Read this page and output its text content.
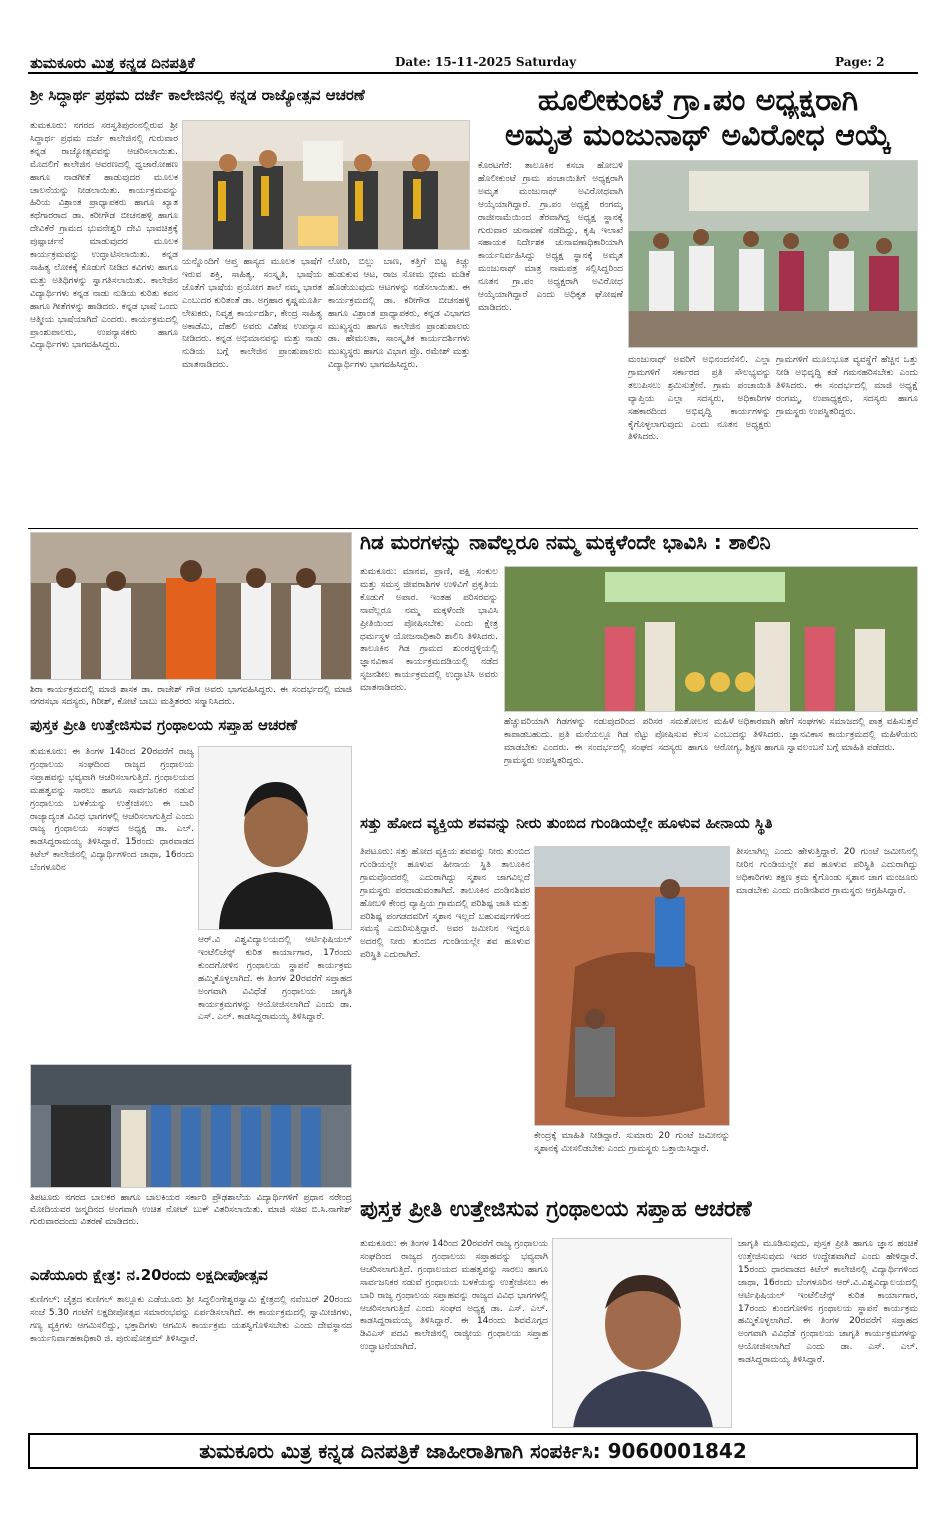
ತುಮಕೂರು ಮಿತ್ರ ಕನ್ನಡ ದಿನಪತ್ರಿಕೆ	Date: 15-11-2025 Saturday	Page: 2
ಶ್ರೀ ಸಿದ್ಧಾರ್ಥ ಪ್ರಥಮ ದರ್ಜೆ ಕಾಲೇಜಿನಲ್ಲಿ ಕನ್ನಡ ರಾಜ್ಯೋತ್ಸವ ಆಚರಣೆ
ತುಮಕೂರು: ನಗರದ ಸರಸ್ವತಿಪುರಂನಲ್ಲಿರುವ ಶ್ರೀ ಸಿದ್ಧಾರ್ಥ ಪ್ರಥಮ ದರ್ಜೆ ಕಾಲೇಜಿನಲ್ಲಿ ಗುರುವಾರ ಕನ್ನಡ ರಾಜ್ಯೋತ್ಸವವನ್ನು ಆಚರಿಸಲಾಯಿತು. ಮೊದಲಿಗೆ ಕಾಲೇಜಿನ ಆವರಣದಲ್ಲಿ ಧ್ವಜಾರೋಹಣ ಹಾಗೂ ನಾಡಗೀತೆ ಹಾಡುವುದರ ಮೂಲಕ ಚಾಲನೆಯನ್ನು ನೀಡಲಾಯಿತು. ಕಾರ್ಯಕ್ರಮವನ್ನು ಹಿರಿಯ ವಿಶ್ರಾಂತ ಪ್ರಾಧ್ಯಾಪಕರು ಹಾಗೂ ಖ್ಯಾತ ಕಥೆಗಾರರಾದ ಡಾ. ಕರೀಗೌಡ ಬೀಚನಹಳ್ಳಿ ಹಾಗೂ ದೇವಿಕೆರೆ ಗ್ರಾಮದ ಭುವನೇಶ್ವರಿ ದೇವಿ ಭಾವಚಿತ್ರಕ್ಕೆ ಪುಷ್ಪಾರ್ಚನೆ ಮಾಡುವುದರ ಮೂಲಕ ಕಾರ್ಯಕ್ರಮವನ್ನು ಉದ್ಘಾಟಿಸಲಾಯಿತು. ಕನ್ನಡ ಸಾಹಿತ್ಯ ಲೋಕಕ್ಕೆ ಕೊಡುಗೆ ನೀಡಿದ ಕವಿಗಳು ಹಾಗೂ ಮತ್ತು ಅತಿಥಿಗಳನ್ನು ಸ್ವಾಗತಿಸಲಾಯಿತು. ಕಾಲೇಜಿನ ವಿದ್ಯಾರ್ಥಿಗಳು ಕನ್ನಡ ನಾಡು ನುಡಿಯ ಕುರಿತು ಕವನ ಹಾಗೂ ಗೀತೆಗಳನ್ನು ಹಾಡಿದರು. ಕನ್ನಡ ಭಾಷೆ ಒಂದು ಆತ್ಮೀಯ ಭಾಷೆಯಾಗಿದೆ ಎಂದರು. ಕಾರ್ಯಕ್ರಮದಲ್ಲಿ ಪ್ರಾಂಶುಪಾಲರು, ಉಪನ್ಯಾಸಕರು ಹಾಗೂ ವಿದ್ಯಾರ್ಥಿಗಳು ಭಾಗವಹಿಸಿದ್ದರು.
ಯನ್ನೊಂದಿಗೆ ಆಪ್ತ ಹಾಸ್ಯದ ಮೂಲಕ ಭಾಷೆಗೆ ಇರುವ ಶಕ್ತಿ, ಸಾಹಿತ್ಯ, ಸಂಸ್ಕೃತಿ, ಭಾಷೆಯ ಜೊತೆಗೆ ಭಾಷೆಯ ಪ್ರಯೋಗ ಶಾಲೆ ನಮ್ಮ ಭಾರತ ಎಂಬುದರ ಕುರಿತಂತೆ ಡಾ. ಅಗ್ರಹಾರ ಕೃಷ್ಣಮೂರ್ತಿ ಲೇಖಕರು, ನಿವೃತ್ತ ಕಾರ್ಯದರ್ಶಿ, ಕೇಂದ್ರ ಸಾಹಿತ್ಯ ಅಕಾಡೆಮಿ, ದೆಹಲಿ ಅವರು ವಿಶೇಷ ಉಪನ್ಯಾಸ ನೀಡಿದರು. ಕನ್ನಡ ಅಭಿಮಾನವನ್ನು ಮತ್ತು ನಾಡು ನುಡಿಯ ಬಗ್ಗೆ ಕಾಲೇಜಿನ ಪ್ರಾಂಶುಪಾಲರು ಮಾತನಾಡಿದರು.
ಲೋರಿ, ಬಿಲ್ಲು ಬಾಣ, ಕತ್ತಿಗೆ ಬಿಟ್ಟ ಕಿಚ್ಚು ಹುಡುಕುವ ಆಟ, ರಾಜ ಸೋಮ ಭೀಮ ಮಡಿಕೆ ಹೊಡೆಯುವುದು ಆಟಗಳನ್ನು ನಡೆಸಲಾಯಿತು. ಈ ಕಾರ್ಯಕ್ರಮದಲ್ಲಿ ಡಾ. ಕರೀಗೌಡ ಬೀಚನಹಳ್ಳಿ ಹಾಗೂ ವಿಶ್ರಾಂತ ಪ್ರಾಧ್ಯಾಪಕರು, ಕನ್ನಡ ವಿಭಾಗದ ಮುಖ್ಯಸ್ಥರು ಹಾಗೂ ಕಾಲೇಜಿನ ಪ್ರಾಂಶುಪಾಲರು ಡಾ. ಹೇಮಲತಾ, ಸಾಂಸ್ಕೃತಿಕ ಕಾರ್ಯದರ್ಶಿಗಳು ಮುಖ್ಯಸ್ಥರು ಹಾಗೂ ವಿಭಾಗ ಪ್ರೊ. ರಮೇಶ್ ಮತ್ತು ವಿದ್ಯಾರ್ಥಿಗಳು ಭಾಗವಹಿಸಿದ್ದರು.
ಹೂಲೀಕುಂಟೆ ಗ್ರಾ.ಪಂ ಅಧ್ಯಕ್ಷರಾಗಿ
ಅಮೃತ ಮಂಜುನಾಥ್ ಅವಿರೋಧ ಆಯ್ಕೆ
ಕೊರಟಗೆರೆ: ತಾಲೂಕಿನ ಕಸಬಾ ಹೋಬಳಿ ಹೊಲೀಕುಂಟೆ ಗ್ರಾಮ ಪಂಚಾಯಿತಿಗೆ ಅಧ್ಯಕ್ಷರಾಗಿ ಅಮೃತ ಮಂಜುನಾಥ್ ಅವಿರೋಧವಾಗಿ ಆಯ್ಕೆಯಾಗಿದ್ದಾರೆ. ಗ್ರಾ.ಪಂ ಅಧ್ಯಕ್ಷೆ ರಂಗಮ್ಮ ರಾಜೀನಾಮೆಯಿಂದ ತೆರವಾಗಿದ್ದ ಅಧ್ಯಕ್ಷ ಸ್ಥಾನಕ್ಕೆ ಗುರುವಾರ ಚುನಾವಣೆ ನಡೆದಿದ್ದು, ಕೃಷಿ ಇಲಾಖೆ ಸಹಾಯಕ ನಿರ್ದೇಶಕ ಚುನಾವಣಾಧಿಕಾರಿಯಾಗಿ ಕಾರ್ಯನಿರ್ವಹಿಸಿದ್ದು ಅಧ್ಯಕ್ಷ ಸ್ಥಾನಕ್ಕೆ ಅಮೃತ ಮಂಜುನಾಥ್ ಮಾತ್ರ ನಾಮಪತ್ರ ಸಲ್ಲಿಸಿದ್ದರಿಂದ ನೂತನ ಗ್ರಾ.ಪಂ ಅಧ್ಯಕ್ಷರಾಗಿ ಅವಿರೋಧ ಆಯ್ಕೆಯಾಗಿದ್ದಾರೆ ಎಂದು ಅಧಿಕೃತ ಘೋಷಣೆ ಮಾಡಿದರು.
ಮಂಜುನಾಥ್ ಅವರಿಗೆ ಅಭಿನಂದನೆಸಲಿ. ಎಲ್ಲಾ ಗ್ರಾಮಗಳಿಗೆ ಸರ್ಕಾರದ ಪ್ರತಿ ಸೌಲಭ್ಯವನ್ನು ತಲುಪಿಸಲು ಶ್ರಮಿಸುತ್ತೇನೆ. ಗ್ರಾಮ ಪಂಚಾಯಿತಿ ವ್ಯಾಪ್ತಿಯ ಎಲ್ಲಾ ಸದಸ್ಯರು, ಅಧಿಕಾರಿಗಳ ಸಹಕಾರದಿಂದ ಅಭಿವೃದ್ಧಿ ಕಾರ್ಯಗಳನ್ನು ಕೈಗೊಳ್ಳಲಾಗುವುದು ಎಂದು ನೂತನ ಅಧ್ಯಕ್ಷರು ತಿಳಿಸಿದರು.
ಗ್ರಾಮಗಳಿಗೆ ಮೂಲಭೂತ ವ್ಯವಸ್ಥೆಗೆ ಹೆಚ್ಚಿನ ಒತ್ತು ನೀಡಿ ಅಭಿವೃದ್ಧಿ ಕಡೆ ಗಮನಹರಿಸಬೇಕು ಎಂದು ತಿಳಿಸಿದರು. ಈ ಸಂದರ್ಭದಲ್ಲಿ ಮಾಜಿ ಅಧ್ಯಕ್ಷೆ ರಂಗಮ್ಮ, ಉಪಾಧ್ಯಕ್ಷರು, ಸದಸ್ಯರು ಹಾಗೂ ಗ್ರಾಮಸ್ಥರು ಉಪಸ್ಥಿತರಿದ್ದರು.
ಶಿರಾ ಕಾರ್ಯಕ್ರಮದಲ್ಲಿ ಮಾಜಿ ಶಾಸಕ ಡಾ. ರಾಜೇಶ್ ಗೌಡ ಅವರು ಭಾಗವಹಿಸಿದ್ದರು. ಈ ಸಂದರ್ಭದಲ್ಲಿ ಮಾಜಿ ನಗರಸಭಾ ಸದಸ್ಯರು, ಗಿರೀಶ್, ಕೋಟೆ ಬಾಬು ಮತ್ತಿತರರು ಸನ್ಮಾನಿಸಿದರು.
ಗಿಡ ಮರಗಳನ್ನು ನಾವೆಲ್ಲರೂ ನಮ್ಮ ಮಕ್ಕಳೆಂದೇ ಭಾವಿಸಿ : ಶಾಲಿನಿ
ತುಮಕೂರು: ಮಾನವ, ಪ್ರಾಣಿ, ಪಕ್ಷಿ ಸಂಕುಲ ಮತ್ತು ಸಮಸ್ತ ಜೀವರಾಶಿಗಳ ಉಳಿವಿಗೆ ಪ್ರಕೃತಿಯ ಕೊಡುಗೆ ಅಪಾರ. ಇಂತಹ ಪರಿಸರವನ್ನು ನಾವೆಲ್ಲರೂ ನಮ್ಮ ಮಕ್ಕಳೆಂದೇ ಭಾವಿಸಿ ಪ್ರೀತಿಯಿಂದ ಪೋಷಿಸಬೇಕು ಎಂದು ಕ್ಷೇತ್ರ ಧರ್ಮಸ್ಥಳ ಯೋಜನಾಧಿಕಾರಿ ಶಾಲಿನಿ ತಿಳಿಸಿದರು. ತಾಲೂಕಿನ ಗಿಡ ಗ್ರಾಮದ ಶುಂಠದ್ದಳ್ಳಿಯಲ್ಲಿ ಜ್ಞಾನವಿಕಾಸ ಕಾರ್ಯಕ್ರಮದಡಿಯಲ್ಲಿ ನಡೆದ ಸೃಜನಶೀಲ ಕಾರ್ಯಕ್ರಮದಲ್ಲಿ ಉದ್ಘಾಟಿಸಿ ಅವರು ಮಾತನಾಡಿದರು.
ಹೆಚ್ಚುವರಿಯಾಗಿ ಗಿಡಗಳನ್ನು ನಡುವುದರಿಂದ ಪರಿಸರ ಸಮತೋಲನ ಕಾಪಾಡಬಹುದು. ಪ್ರತಿ ಮನೆಯಲ್ಲೂ ಗಿಡ ನೆಟ್ಟು ಪೋಷಿಸುವ ಕೆಲಸ ಮಾಡಬೇಕು ಎಂದರು. ಈ ಸಂದರ್ಭದಲ್ಲಿ ಸಂಘದ ಸದಸ್ಯರು ಹಾಗೂ ಗ್ರಾಮಸ್ಥರು ಉಪಸ್ಥಿತರಿದ್ದರು.
ಮಹಿಳೆ ಅಧಿಕಾರವಾಗಿ ಹೇಗೆ ಸಂಘಗಳು ಸಮಾಜದಲ್ಲಿ ಪಾತ್ರ ವಹಿಸುತ್ತವೆ ಎಂಬುದನ್ನು ತಿಳಿಸಿದರು. ಜ್ಞಾನವಿಕಾಸ ಕಾರ್ಯಕ್ರಮದಲ್ಲಿ ಮಹಿಳೆಯರು ಆರೋಗ್ಯ, ಶಿಕ್ಷಣ ಹಾಗೂ ಸ್ವಾವಲಂಬನೆ ಬಗ್ಗೆ ಮಾಹಿತಿ ಪಡೆದರು.
ಪುಸ್ತಕ ಪ್ರೀತಿ ಉತ್ತೇಜಿಸುವ ಗ್ರಂಥಾಲಯ ಸಪ್ತಾಹ ಆಚರಣೆ
ತುಮಕೂರು: ಈ ತಿಂಗಳ 14ರಿಂದ 20ರವರೆಗೆ ರಾಜ್ಯ ಗ್ರಂಥಾಲಯ ಸಂಘದಿಂದ ರಾಜ್ಯದ ಗ್ರಂಥಾಲಯ ಸಪ್ತಾಹವನ್ನು ಭವ್ಯವಾಗಿ ಆಚರಿಸಲಾಗುತ್ತಿದೆ. ಗ್ರಂಥಾಲಯದ ಮಹತ್ವವನ್ನು ಸಾರಲು ಹಾಗೂ ಸಾರ್ವಜನಿಕರ ನಡುವೆ ಗ್ರಂಥಾಲಯ ಬಳಕೆಯನ್ನು ಉತ್ತೇಜಿಸಲು ಈ ಬಾರಿ ರಾಜ್ಯಾದ್ಯಂತ ವಿವಿಧ ಭಾಗಗಳಲ್ಲಿ ಆಚರಿಸಲಾಗುತ್ತಿದೆ ಎಂದು ರಾಜ್ಯ ಗ್ರಂಥಾಲಯ ಸಂಘದ ಅಧ್ಯಕ್ಷ ಡಾ. ಎಲ್. ಕಾಡಸಿದ್ದರಾಮಯ್ಯ ತಿಳಿಸಿದ್ದಾರೆ. 15ರಂದು ಧಾರವಾಡದ ಕಿಟೆಲ್ ಕಾಲೇಜಿನಲ್ಲಿ ವಿದ್ಯಾರ್ಥಿಗಳಿಂದ ಜಾಥಾ, 16ರಂದು ಬೆಂಗಳೂರಿನ
ಆರ್.ವಿ ವಿಶ್ವವಿದ್ಯಾಲಯದಲ್ಲಿ ಆರ್ಟಿಫಿಷಿಯಲ್ ಇಂಟೆಲಿಜೆನ್ಸ್ ಕುರಿತ ಕಾರ್ಯಾಗಾರ, 17ರಂದು ಕುಂದಗೋಳಿನ ಗ್ರಂಥಾಲಯ ಸ್ಥಾಪನೆ ಕಾರ್ಯಕ್ರಮ ಹಮ್ಮಿಕೊಳ್ಳಲಾಗಿದೆ. ಈ ತಿಂಗಳ 20ರವರೆಗೆ ಸಪ್ತಾಹದ ಅಂಗವಾಗಿ ವಿವಿಧೆಡೆ ಗ್ರಂಥಾಲಯ ಜಾಗೃತಿ ಕಾರ್ಯಕ್ರಮಗಳನ್ನು ಆಯೋಜಿಸಲಾಗಿದೆ ಎಂದು ಡಾ. ಎಸ್. ಎಲ್. ಕಾಡಸಿದ್ದರಾಮಯ್ಯ ತಿಳಿಸಿದ್ದಾರೆ.
ಸತ್ತು ಹೋದ ವ್ಯಕ್ತಿಯ ಶವವನ್ನು ನೀರು ತುಂಬಿದ ಗುಂಡಿಯಲ್ಲೇ ಹೂಳುವ ಹೀನಾಯ ಸ್ಥಿತಿ
ತಿಪಟೂರು: ಸತ್ತು ಹೋದ ವ್ಯಕ್ತಿಯ ಶವವನ್ನು ನೀರು ತುಂಬಿದ ಗುಂಡಿಯಲ್ಲೇ ಹೂಳುವ ಹೀನಾಯ ಸ್ಥಿತಿ ತಾಲೂಕಿನ ಗ್ರಾಮವೊಂದರಲ್ಲಿ ಎದುರಾಗಿದ್ದು ಸ್ಮಶಾನ ಜಾಗವಿಲ್ಲದೆ ಗ್ರಾಮಸ್ಥರು ಪರದಾಡುವಂತಾಗಿದೆ. ತಾಲೂಕಿನ ದಂಡಿನಶಿವರ ಹೋಬಳಿ ಕೇಂದ್ರ ವ್ಯಾಪ್ತಿಯ ಗ್ರಾಮದಲ್ಲಿ ಪರಿಶಿಷ್ಟ ಜಾತಿ ಮತ್ತು ಪರಿಶಿಷ್ಟ ಪಂಗಡದವರಿಗೆ ಸ್ಮಶಾನ ಇಲ್ಲದೆ ಬಹುವರ್ಷಗಳಿಂದ ಸಮಸ್ಯೆ ಎದುರಿಸುತ್ತಿದ್ದಾರೆ. ಅವರ ಜಮೀನಿನ ಇದ್ದರೂ ಅದರಲ್ಲಿ ನೀರು ತುಂಬಿದ ಗುಂಡಿಯಲ್ಲೇ ಶವ ಹೂಳುವ ಪರಿಸ್ಥಿತಿ ಎದುರಾಗಿದೆ.
ಕೇಂದ್ರಕ್ಕೆ ಮಾಹಿತಿ ನೀಡಿದ್ದಾರೆ. ಸುಮಾರು 20 ಗುಂಟೆ ಜಮೀನನ್ನು ಸ್ಮಶಾನಕ್ಕೆ ಮೀಸಲಿಡಬೇಕು ಎಂದು ಗ್ರಾಮಸ್ಥರು ಒತ್ತಾಯಿಸಿದ್ದಾರೆ.
ತೀಸಲಾಗಿಲ್ಲ ಎಂದು ಹೇಳುತ್ತಿದ್ದಾರೆ. 20 ಗುಂಟೆ ಜಮೀನಿನಲ್ಲಿ ನೀರಿನ ಗುಂಡಿಯಲ್ಲೇ ಶವ ಹೂಳುವ ಪರಿಸ್ಥಿತಿ ಎದುರಾಗಿದ್ದು ಅಧಿಕಾರಿಗಳು ತಕ್ಷಣ ಕ್ರಮ ಕೈಗೊಂಡು ಸ್ಮಶಾನ ಜಾಗ ಮಂಜೂರು ಮಾಡಬೇಕು ಎಂದು ದಂಡಿನಶಿವರ ಗ್ರಾಮಸ್ಥರು ಆಗ್ರಹಿಸಿದ್ದಾರೆ.
ತಿಪಟೂರು ನಗರದ ಬಾಲಕರ ಹಾಗೂ ಬಾಲಕಿಯರ ಸರ್ಕಾರಿ ಪ್ರೌಢಶಾಲೆಯ ವಿದ್ಯಾರ್ಥಿಗಳಿಗೆ ಪ್ರಧಾನ ನರೇಂದ್ರ ಮೋದಿಯವರ ಜನ್ಮದಿನದ ಅಂಗವಾಗಿ ಉಚಿತ ನೋಟ್ ಬುಕ್ ವಿತರಿಸಲಾಯಿತು. ಮಾಜಿ ಸಚಿವ ಬಿ.ಸಿ.ನಾಗೇಶ್ ಗುರುವಾರದಂದು ವಿತರಣೆ ಮಾಡಿದರು.
ಎಡೆಯೂರು ಕ್ಷೇತ್ರ: ನ.20ರಂದು ಲಕ್ಷದೀಪೋತ್ಸವ
ಕುಣಿಗಲ್: ಚೈತ್ರದ ಕುಣಿಗಲ್ ತಾಲ್ಲೂಕು ಎಡೆಯೂರು ಶ್ರೀ ಸಿದ್ಧಲಿಂಗೇಶ್ವರಸ್ವಾಮಿ ಕ್ಷೇತ್ರದಲ್ಲಿ ನವೆಂಬರ್ 20ರಂದು ಸಂಜೆ 5.30 ಗಂಟೆಗೆ ಲಕ್ಷದೀಪೋತ್ಸವ ಸಮಾರಂಭವನ್ನು ಏರ್ಪಡಿಸಲಾಗಿದೆ. ಈ ಕಾರ್ಯಕ್ರಮದಲ್ಲಿ ಸ್ವಾಮೀಜಿಗಳು, ಗಣ್ಯ ವ್ಯಕ್ತಿಗಳು ಆಗಮಿಸಲಿದ್ದು, ಭಕ್ತಾದಿಗಳು ಆಗಮಿಸಿ ಕಾರ್ಯಕ್ರಮ ಯಶಸ್ವಿಗೊಳಿಸಬೇಕು ಎಂದು ದೇವಸ್ಥಾನದ ಕಾರ್ಯನಿರ್ವಾಹಕಾಧಿಕಾರಿ ಜಿ. ಪುರುಷೋತ್ತಮ್ ತಿಳಿಸಿದ್ದಾರೆ.
ಪುಸ್ತಕ ಪ್ರೀತಿ ಉತ್ತೇಜಿಸುವ ಗ್ರಂಥಾಲಯ ಸಪ್ತಾಹ ಆಚರಣೆ
ತುಮಕೂರು: ಈ ತಿಂಗಳ 14ರಿಂದ 20ರವರೆಗೆ ರಾಜ್ಯ ಗ್ರಂಥಾಲಯ ಸಂಘದಿಂದ ರಾಜ್ಯದ ಗ್ರಂಥಾಲಯ ಸಪ್ತಾಹವನ್ನು ಭವ್ಯವಾಗಿ ಆಚರಿಸಲಾಗುತ್ತಿದೆ. ಗ್ರಂಥಾಲಯದ ಮಹತ್ವವನ್ನು ಸಾರಲು ಹಾಗೂ ಸಾರ್ವಜನಿಕರ ನಡುವೆ ಗ್ರಂಥಾಲಯ ಬಳಕೆಯನ್ನು ಉತ್ತೇಜಿಸಲು ಈ ಬಾರಿ ರಾಜ್ಯ ಗ್ರಂಥಾಲಯ ಸಪ್ತಾಹವನ್ನು ರಾಜ್ಯದ ವಿವಿಧ ಭಾಗಗಳಲ್ಲಿ ಆಚರಿಸಲಾಗುತ್ತಿದೆ ಎಂದು ಸಂಘದ ಅಧ್ಯಕ್ಷ ಡಾ. ಎಸ್. ಎಲ್. ಕಾಡಸಿದ್ದರಾಮಯ್ಯ ತಿಳಿಸಿದ್ದಾರೆ. ಈ 14ರಂದು ಶಿವಮೊಗ್ಗದ ಡಿವಿಎಸ್ ಪದವಿ ಕಾಲೇಜಿನಲ್ಲಿ ರಾಜ್ಯೀಯ ಗ್ರಂಥಾಲಯ ಸಪ್ತಾಹ ಉದ್ಘಾಟನೆಯಾಗಿದೆ.
ಜಾಗೃತಿ ಮೂಡಿಸುವುದು, ಪುಸ್ತಕ ಪ್ರೀತಿ ಹಾಗೂ ಜ್ಞಾನ ಹಂಚಿಕೆ ಉತ್ತೇಜಿಸುವುದು ಇದರ ಉದ್ದೇಶವಾಗಿದೆ ಎಂದು ಹೇಳಿದ್ದಾರೆ. 15ರಂದು ಧಾರವಾಡದ ಕಿಟೆಲ್ ಕಾಲೇಜಿನಲ್ಲಿ ವಿದ್ಯಾರ್ಥಿಗಳಿಂದ ಜಾಥಾ, 16ರಂದು ಬೆಂಗಳೂರಿನ ಆರ್.ವಿ.ವಿಶ್ವವಿದ್ಯಾಲಯದಲ್ಲಿ ಆರ್ಟಿಫಿಷಿಯಲ್ ಇಂಟೆಲಿಜೆನ್ಸ್ ಕುರಿತ ಕಾರ್ಯಾಗಾರ, 17ರಂದು ಕುಂದಗೋಳಿನ ಗ್ರಂಥಾಲಯ ಸ್ಥಾಪನೆ ಕಾರ್ಯಕ್ರಮ ಹಮ್ಮಿಕೊಳ್ಳಲಾಗಿದೆ. ಈ ತಿಂಗಳ 20ರವರೆಗೆ ಸಪ್ತಾಹದ ಅಂಗವಾಗಿ ವಿವಿಧೆಡೆ ಗ್ರಂಥಾಲಯ ಜಾಗೃತಿ ಕಾರ್ಯಕ್ರಮಗಳನ್ನು ಆಯೋಜಿಸಲಾಗಿದೆ ಎಂದು ಡಾ. ಎಸ್. ಎಲ್. ಕಾಡಸಿದ್ದರಾಮಯ್ಯ ತಿಳಿಸಿದ್ದಾರೆ.
ತುಮಕೂರು ಮಿತ್ರ ಕನ್ನಡ ದಿನಪತ್ರಿಕೆ ಜಾಹೀರಾತಿಗಾಗಿ ಸಂಪರ್ಕಿಸಿ: 9060001842
